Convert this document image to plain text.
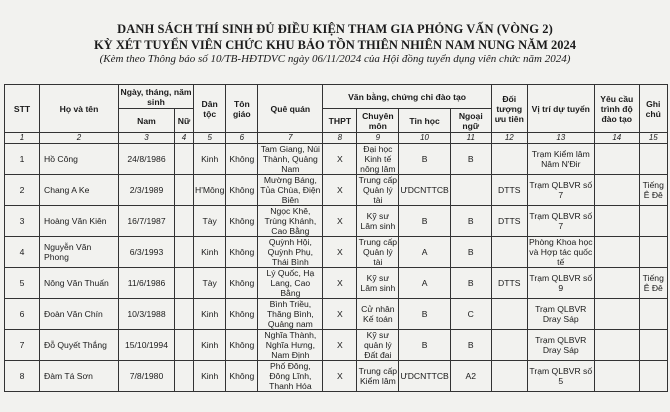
DANH SÁCH THÍ SINH ĐỦ ĐIỀU KIỆN THAM GIA PHỎNG VẤN (VÒNG 2)
KỲ XÉT TUYỂN VIÊN CHỨC KHU BẢO TỒN THIÊN NHIÊN NAM NUNG NĂM 2024
(Kèm theo Thông báo số 10/TB-HĐTDVC ngày 06/11/2024 của Hội đồng tuyển dụng viên chức năm 2024)
STT	Họ và tên	Ngày, tháng, năm sinh		Dân tộc	Tôn giáo	Quê quán	Văn bằng, chứng chỉ đào tạo				Đối tượng ưu tiên	Vị trí dự tuyển	Yêu cầu trình độ đào tạo	Ghi chú
		Nam	Nữ				THPT	Chuyên môn	Tin học	Ngoại ngữ				
1	2	3	4	5	6	7	8	9	10	11	12	13	14	15
1	Hồ Công	24/8/1986		Kinh	Không	Tam Giang, Núi Thành, Quảng Nam	X	Đại học Kinh tế nông lâm	B	B		Trạm Kiểm lâm Nâm N'Đir		
2	Chang A Ke	2/3/1989		H'Mông	Không	Mường Báng, Tủa Chùa, Điện Biên	X	Trung cấp Quản lý tài	ƯDCNTTCB		DTTS	Trạm QLBVR số 7		Tiếng Ê Đê
3	Hoàng Văn Kiên	16/7/1987		Tày	Không	Ngọc Khê, Trùng Khánh, Cao Bằng	X	Kỹ sư Lâm sinh	B	B	DTTS	Trạm QLBVR số 7		
4	Nguyễn Văn Phong	6/3/1993		Kinh	Không	Quỳnh Hội, Quỳnh Phụ, Thái Bình	X	Trung cấp Quản lý tài	A	B		Phòng Khoa học và Hợp tác quốc tế		
5	Nông Văn Thuấn	11/6/1986		Tày	Không	Lý Quốc, Hạ Lang, Cao Bằng	X	Kỹ sư Lâm sinh	A	B	DTTS	Trạm QLBVR số 9		Tiếng Ê Đê
6	Đoàn Văn Chín	10/3/1988		Kinh	Không	Bình Triều, Thăng Bình, Quảng nam	X	Cử nhân Kế toán	B	C		Trạm QLBVR Dray Sáp		
7	Đỗ Quyết Thắng	15/10/1994		Kinh	Không	Nghĩa Thành, Nghĩa Hưng, Nam Định	X	Kỹ sư quản lý Đất đai	B	B		Trạm QLBVR Dray Sáp		
8	Đàm Tá Sơn	7/8/1980		Kinh	Không	Phố Đông, Đông Lĩnh, Thanh Hóa	X	Trung cấp Kiểm lâm	ƯDCNTTCB	A2		Trạm QLBVR số 5		
